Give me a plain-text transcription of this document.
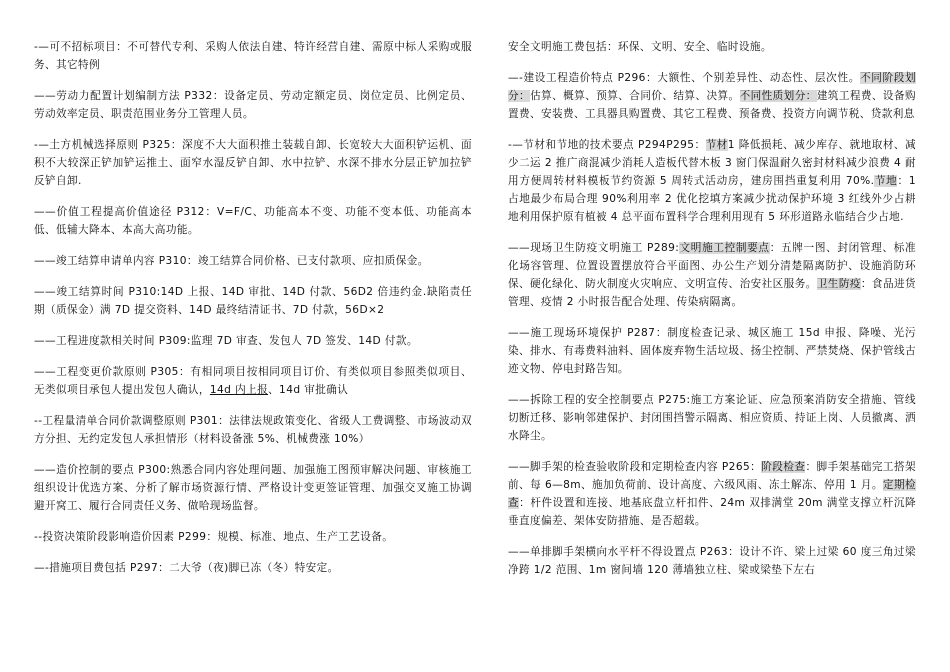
-—可不招标项目：不可替代专利、采购人依法自建、特许经营自建、需原中标人采购或服务、其它特例

——劳动力配置计划编制方法 P332：设备定员、劳动定额定员、岗位定员、比例定员、劳动效率定员、职责范围业务分工管理人员。

-—土方机械选择原则 P325：深度不大大面积推土装载自卸、长宽较大大面积铲运机、面积不大较深正铲加铲运推土、面窄水湿反铲自卸、水中拉铲、水深不排水分层正铲加拉铲反铲自卸.

——价值工程提高价值途径 P312：V=F/C、功能高本不变、功能不变本低、功能高本低、低辅大降本、本高大高功能。

——竣工结算申请单内容 P310：竣工结算合同价格、已支付款项、应扣质保金。

——竣工结算时间 P310:14D 上报、14D 审批、14D 付款、56D2 倍违约金.缺陷责任期（质保金）满 7D 提交资料、14D 最终结清证书、7D 付款，56D×2

——工程进度款相关时间 P309:监理 7D 审查、发包人 7D 签发、14D 付款。

——工程变更价款原则 P305：有相同项目按相同项目订价、有类似项目参照类似项目、无类似项目承包人提出发包人确认，14d 内上报、14d 审批确认

--工程量清单合同价款调整原则 P301：法律法规政策变化、省级人工费调整、市场波动双方分担、无约定发包人承担情形（材料设备涨 5%、机械费涨 10%）

——造价控制的要点 P300:熟悉合同内容处理问题、加强施工图预审解决问题、审核施工组织设计优选方案、分析了解市场资源行情、严格设计变更签证管理、加强交叉施工协调避开窝工、履行合同责任义务、做哈现场监督。

--投资决策阶段影响造价因素 P299：规模、标准、地点、生产工艺设备。

—-措施项目费包括 P297：二大爷（夜)脚已冻（冬）特安定。

安全文明施工费包括：环保、文明、安全、临时设施。

—-建设工程造价特点 P296：大额性、个别差异性、动态性、层次性。不同阶段划分：估算、概算、预算、合同价、结算、决算。不同性质划分：建筑工程费、设备购置费、安装费、工具器具购置费、其它工程费、预备费、投资方向调节税、贷款利息

-—节材和节地的技术要点 P294P295：节材1 降低损耗、减少库存、就地取材、减少二运 2 推广商混减少消耗人造板代替木板 3 窗门保温耐久密封材料减少浪费 4 耐用方便周转材料模板节约资源 5 周转式活动房，建房围挡重复利用 70%.节地：1 占地最少布局合理 90%利用率 2 优化挖填方案减少扰动保护环境 3 红线外少占耕地利用保护原有植被 4 总平面布置科学合理利用现有 5 环形道路永临结合少占地.

——现场卫生防疫文明施工 P289:文明施工控制要点：五牌一图、封闭管理、标准化场容管理、位置设置摆放符合平面图、办公生产划分清楚隔离防护、设施消防环保、硬化绿化、防火制度火灾响应、文明宣传、治安社区服务。卫生防疫：食品进货管理、疫情 2 小时报告配合处理、传染病隔离。

——施工现场环境保护 P287：制度检查记录、城区施工 15d 申报、降噪、光污染、排水、有毒费料油料、固体废弃物生活垃圾、扬尘控制、严禁焚烧、保护管线古迹文物、停电封路告知。

——拆除工程的安全控制要点 P275:施工方案论证、应急预案消防安全措施、管线切断迁移、影响邻建保护、封闭围挡警示隔离、相应资质、持证上岗、人员撤离、洒水降尘。

——脚手架的检查验收阶段和定期检查内容 P265：阶段检查：脚手架基础完工搭架前、每 6—8m、施加负荷前、设计高度、六级风雨、冻土解冻、停用 1 月。定期检查：杆件设置和连接、地基底盘立杆扣件、24m 双排满堂 20m 满堂支撑立杆沉降垂直度偏差、架体安防措施、是否超载。

——单排脚手架横向水平杆不得设置点 P263：设计不许、梁上过梁 60 度三角过梁净跨 1/2 范围、1m 窗间墙 120 薄墙独立柱、梁或梁垫下左右
